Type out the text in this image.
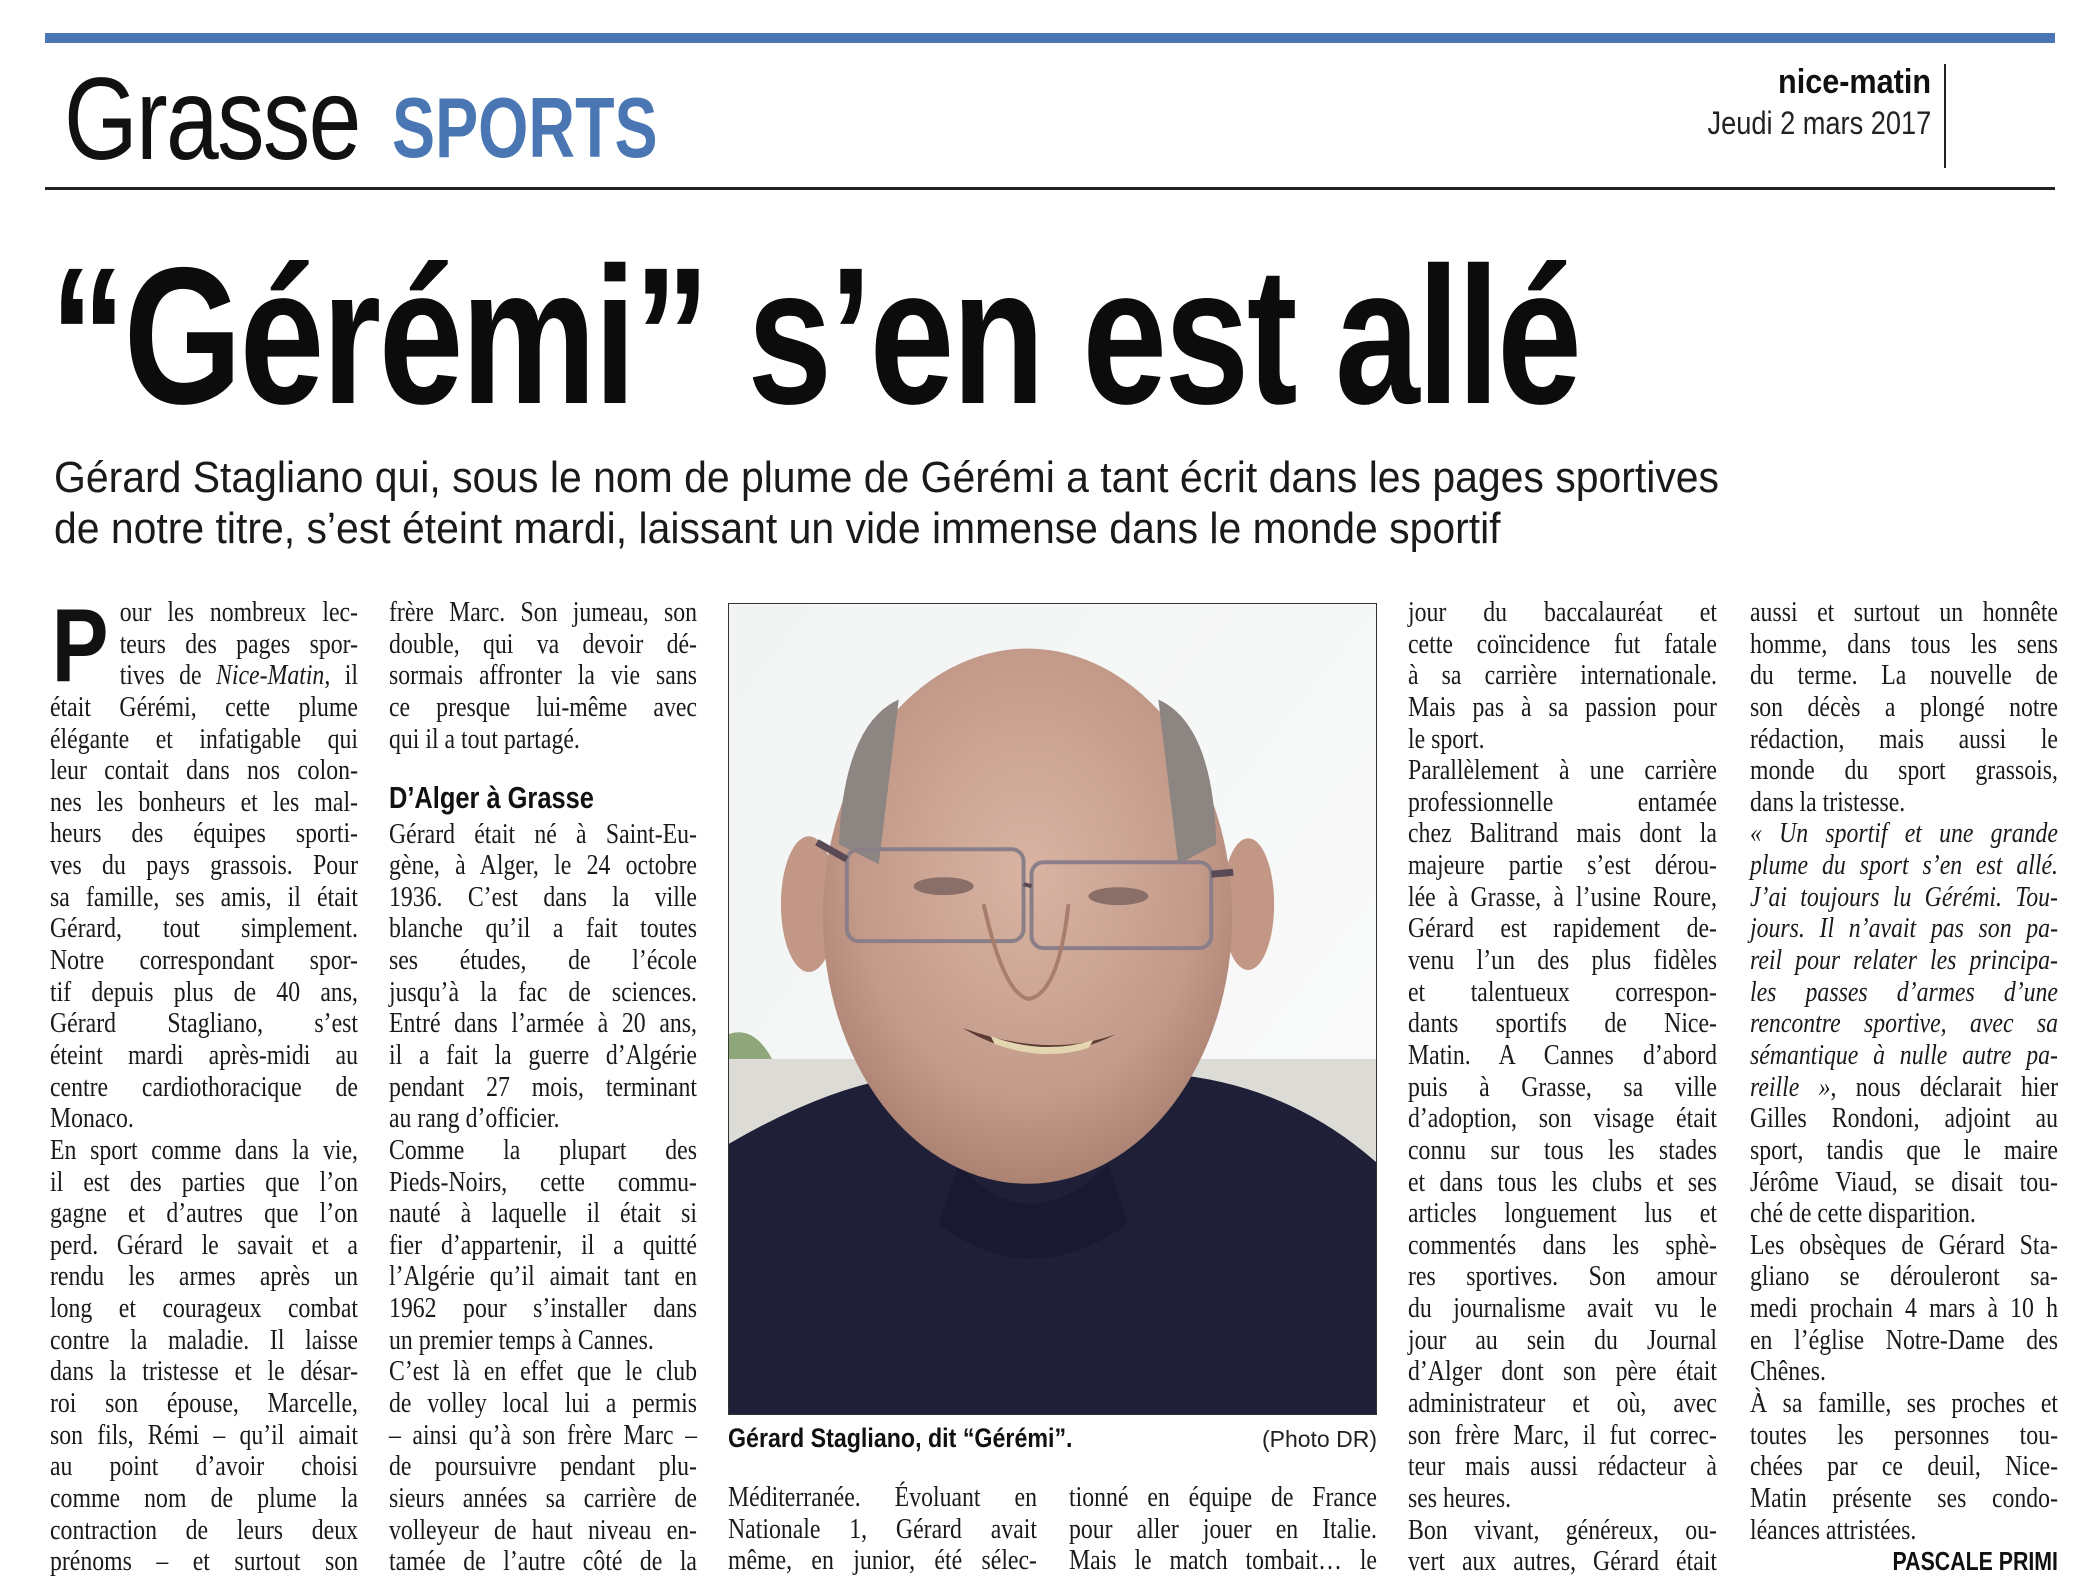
Grasse SPORTS	nice-matin
Jeudi 2 mars 2017
“Gérémi” s’en est allé
Gérard Stagliano qui, sous le nom de plume de Gérémi a tant écrit dans les pages sportives
de notre titre, s’est éteint mardi, laissant un vide immense dans le monde sportif
P our les nombreux lec-
teurs des pages spor-
tives de Nice-Matin, il
était Gérémi, cette plume
élégante et infatigable qui
leur contait dans nos colon-
nes les bonheurs et les mal-
heurs des équipes sporti-
ves du pays grassois. Pour
sa famille, ses amis, il était
Gérard, tout simplement.
Notre correspondant spor-
tif depuis plus de 40 ans,
Gérard Stagliano, s’est
éteint mardi après-midi au
centre cardiothoracique de
Monaco.
En sport comme dans la vie,
il est des parties que l’on
gagne et d’autres que l’on
perd. Gérard le savait et a
rendu les armes après un
long et courageux combat
contre la maladie. Il laisse
dans la tristesse et le désar-
roi son épouse, Marcelle,
son fils, Rémi – qu’il aimait
au point d’avoir choisi
comme nom de plume la
contraction de leurs deux
prénoms – et surtout son
frère Marc. Son jumeau, son
double, qui va devoir dé-
sormais affronter la vie sans
ce presque lui-même avec
qui il a tout partagé.
D’Alger à Grasse
Gérard était né à Saint-Eu-
gène, à Alger, le 24 octobre
1936. C’est dans la ville
blanche qu’il a fait toutes
ses études, de l’école
jusqu’à la fac de sciences.
Entré dans l’armée à 20 ans,
il a fait la guerre d’Algérie
pendant 27 mois, terminant
au rang d’officier.
Comme la plupart des
Pieds-Noirs, cette commu-
nauté à laquelle il était si
fier d’appartenir, il a quitté
l’Algérie qu’il aimait tant en
1962 pour s’installer dans
un premier temps à Cannes.
C’est là en effet que le club
de volley local lui a permis
– ainsi qu’à son frère Marc –
de poursuivre pendant plu-
sieurs années sa carrière de
volleyeur de haut niveau en-
tamée de l’autre côté de la
Méditerranée. Évoluant en
Nationale 1, Gérard avait
même, en junior, été sélec-
tionné en équipe de France
pour aller jouer en Italie.
Mais le match tombait… le
jour du baccalauréat et
cette coïncidence fut fatale
à sa carrière internationale.
Mais pas à sa passion pour
le sport.
Parallèlement à une carrière
professionnelle entamée
chez Balitrand mais dont la
majeure partie s’est dérou-
lée à Grasse, à l’usine Roure,
Gérard est rapidement de-
venu l’un des plus fidèles
et talentueux correspon-
dants sportifs de Nice-
Matin. A Cannes d’abord
puis à Grasse, sa ville
d’adoption, son visage était
connu sur tous les stades
et dans tous les clubs et ses
articles longuement lus et
commentés dans les sphè-
res sportives. Son amour
du journalisme avait vu le
jour au sein du Journal
d’Alger dont son père était
administrateur et où, avec
son frère Marc, il fut correc-
teur mais aussi rédacteur à
ses heures.
Bon vivant, généreux, ou-
vert aux autres, Gérard était
aussi et surtout un honnête
homme, dans tous les sens
du terme. La nouvelle de
son décès a plongé notre
rédaction, mais aussi le
monde du sport grassois,
dans la tristesse.
« Un sportif et une grande
plume du sport s’en est allé.
J’ai toujours lu Gérémi. Tou-
jours. Il n’avait pas son pa-
reil pour relater les principa-
les passes d’armes d’une
rencontre sportive, avec sa
sémantique à nulle autre pa-
reille », nous déclarait hier
Gilles Rondoni, adjoint au
sport, tandis que le maire
Jérôme Viaud, se disait tou-
ché de cette disparition.
Les obsèques de Gérard Sta-
gliano se dérouleront sa-
medi prochain 4 mars à 10 h
en l’église Notre-Dame des
Chênes.
À sa famille, ses proches et
toutes les personnes tou-
chées par ce deuil, Nice-
Matin présente ses condo-
léances attristées.
PASCALE PRIMI
Gérard Stagliano, dit “Gérémi”.	(Photo DR)
